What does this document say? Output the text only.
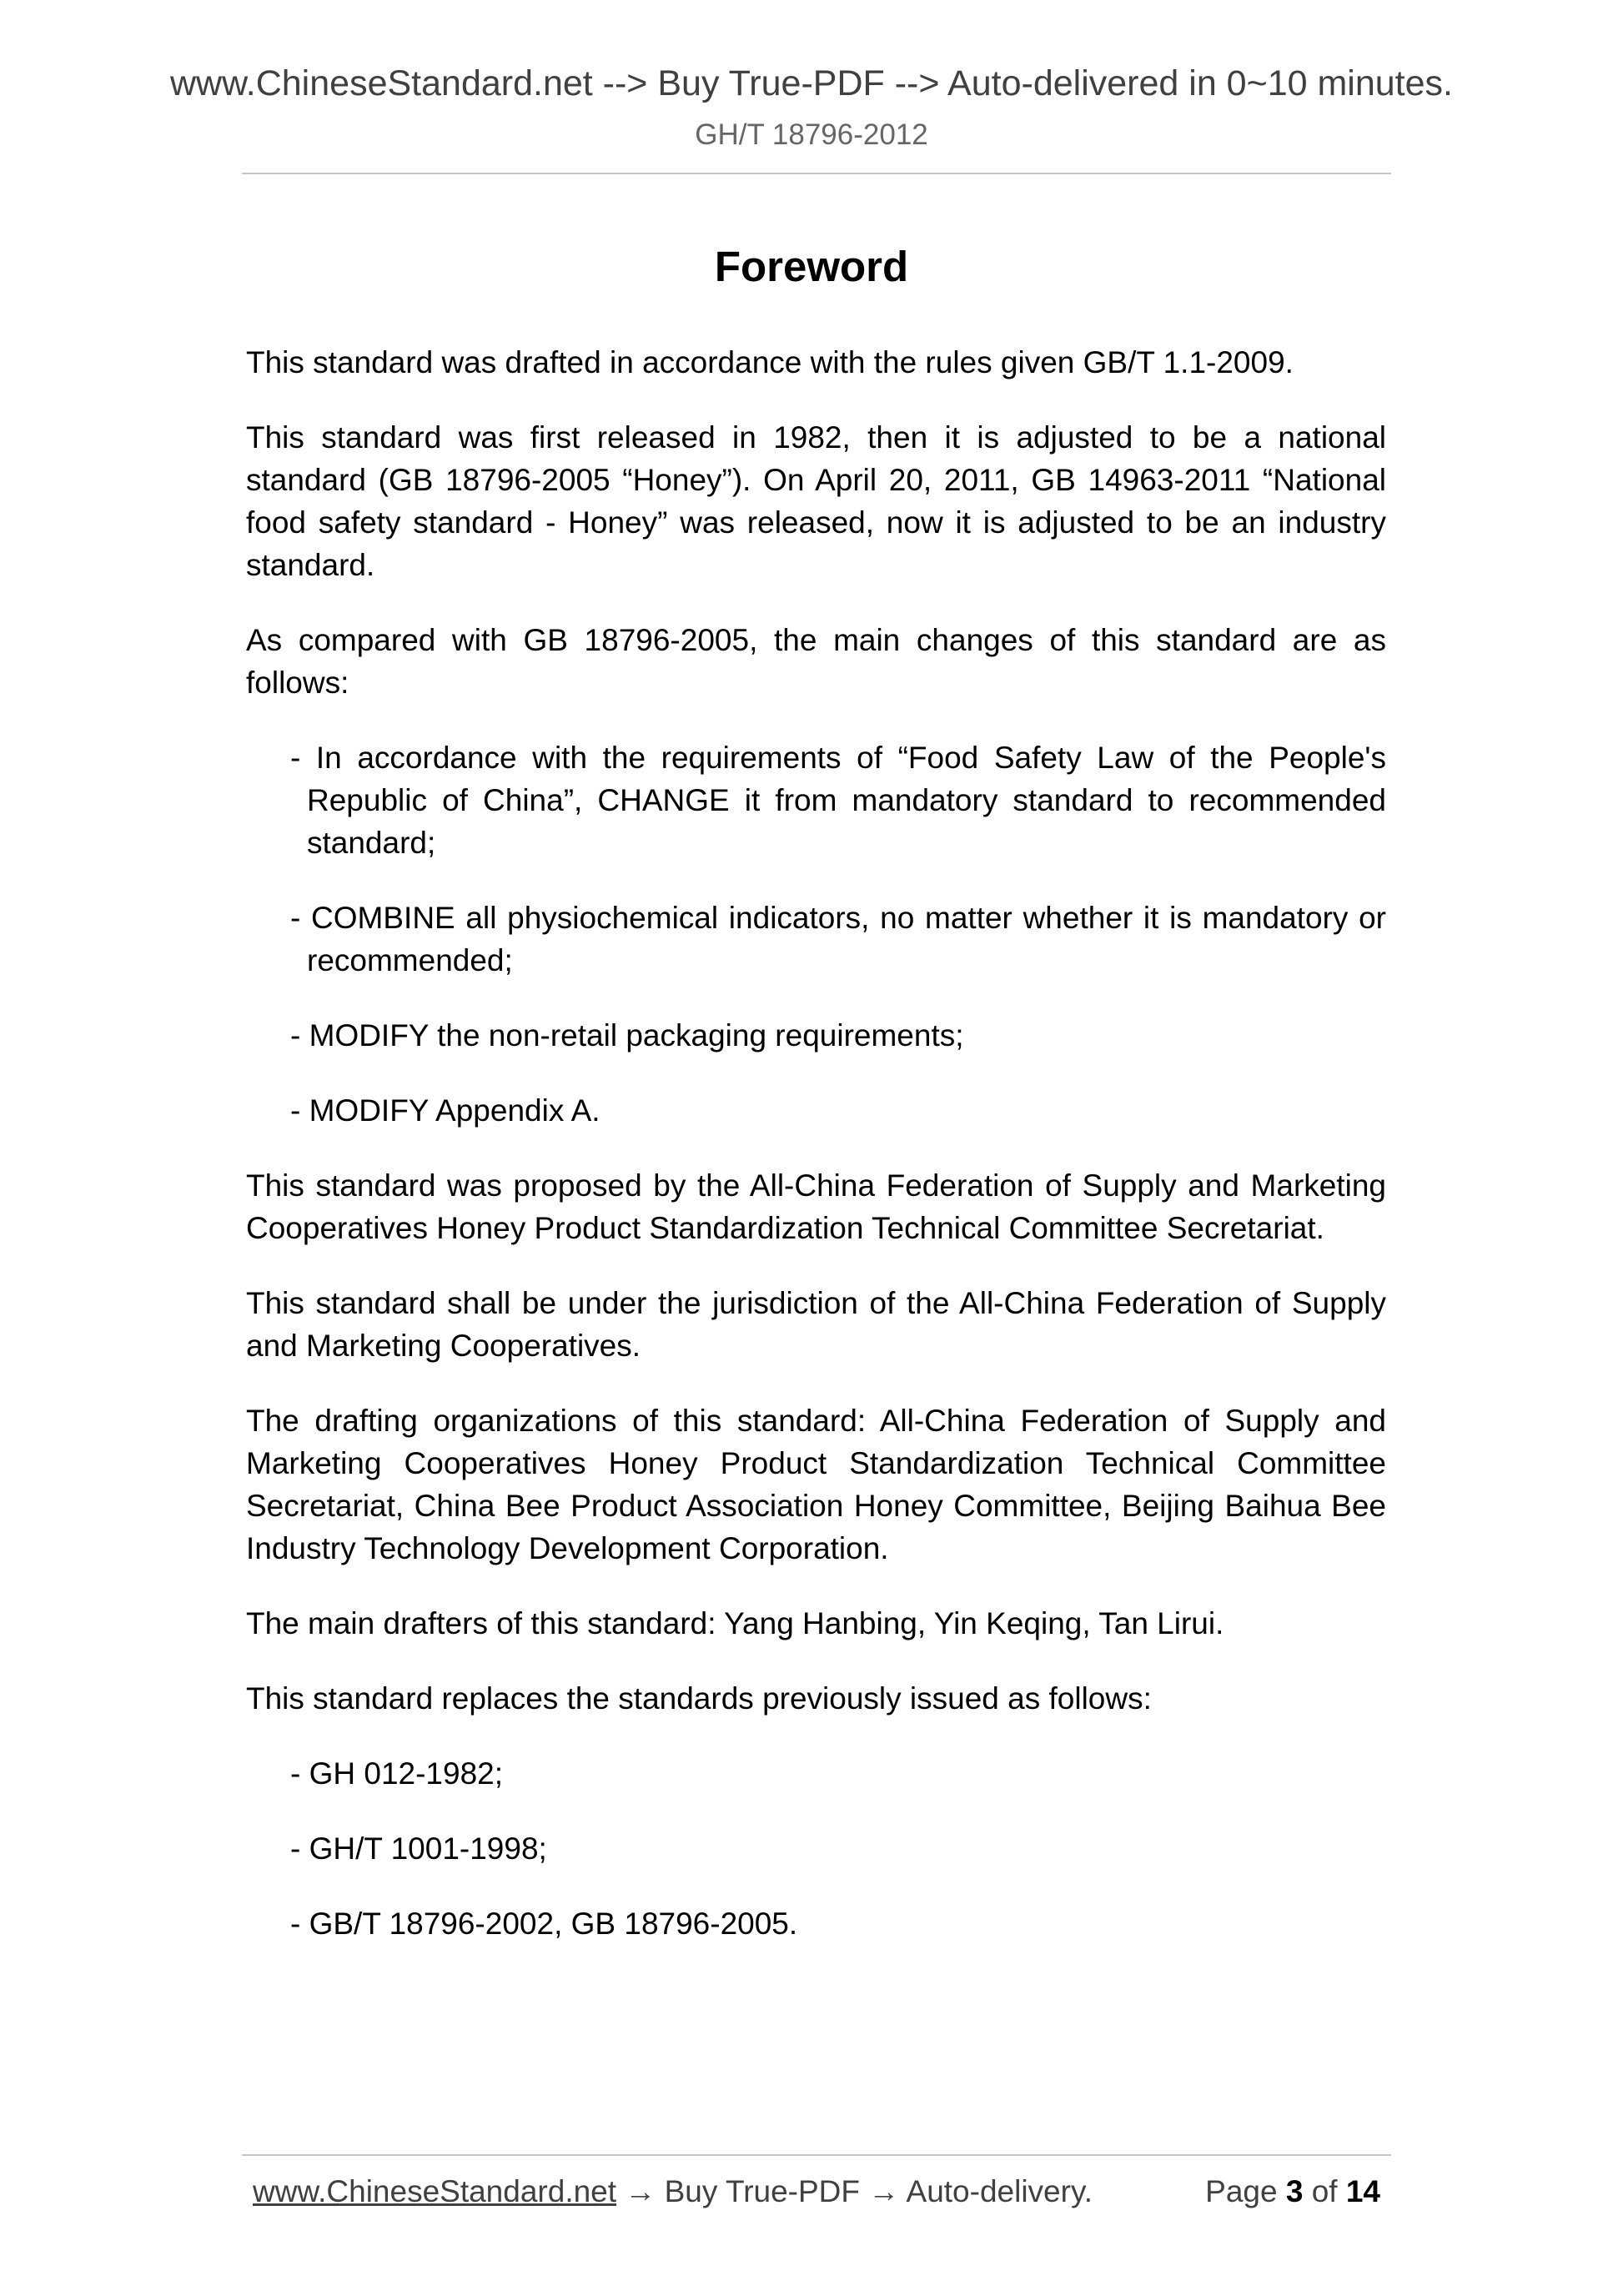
www.ChineseStandard.net --> Buy True-PDF --> Auto-delivered in 0~10 minutes.
GH/T 18796-2012
Foreword

This standard was drafted in accordance with the rules given GB/T 1.1-2009.

This standard was first released in 1982, then it is adjusted to be a national standard (GB 18796-2005 “Honey”). On April 20, 2011, GB 14963-2011 “National food safety standard - Honey” was released, now it is adjusted to be an industry standard.

As compared with GB 18796-2005, the main changes of this standard are as follows:

- In accordance with the requirements of “Food Safety Law of the People's Republic of China”, CHANGE it from mandatory standard to recommended standard;

- COMBINE all physiochemical indicators, no matter whether it is mandatory or recommended;

- MODIFY the non-retail packaging requirements;

- MODIFY Appendix A.

This standard was proposed by the All-China Federation of Supply and Marketing Cooperatives Honey Product Standardization Technical Committee Secretariat.

This standard shall be under the jurisdiction of the All-China Federation of Supply and Marketing Cooperatives.

The drafting organizations of this standard: All-China Federation of Supply and Marketing Cooperatives Honey Product Standardization Technical Committee Secretariat, China Bee Product Association Honey Committee, Beijing Baihua Bee Industry Technology Development Corporation.

The main drafters of this standard: Yang Hanbing, Yin Keqing, Tan Lirui.

This standard replaces the standards previously issued as follows:

- GH 012-1982;

- GH/T 1001-1998;

- GB/T 18796-2002, GB 18796-2005.

www.ChineseStandard.net → Buy True-PDF → Auto-delivery.	Page 3 of 14
